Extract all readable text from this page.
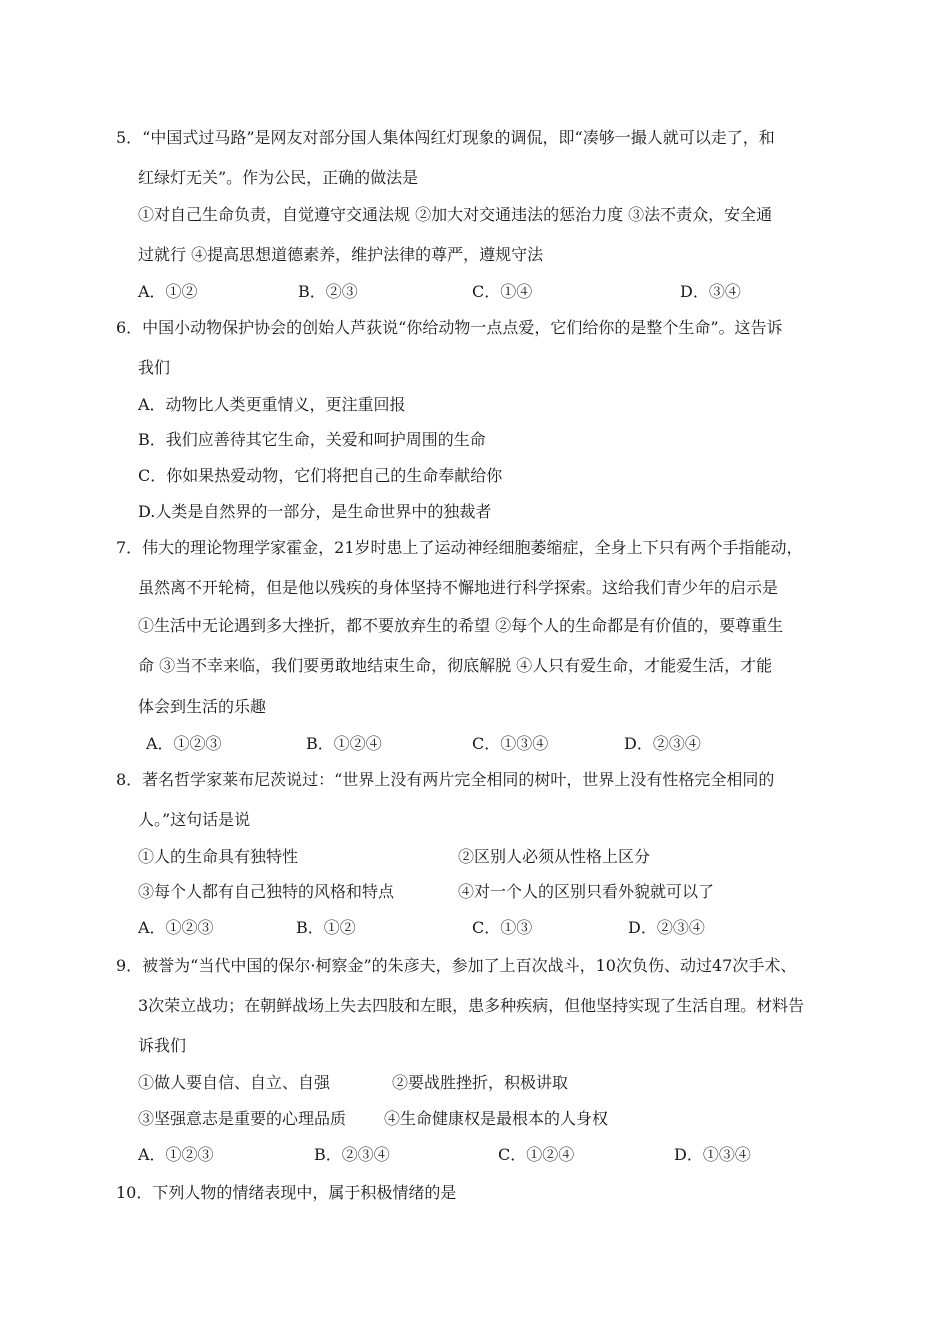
5．“中国式过马路”是网友对部分国人集体闯红灯现象的调侃，即“凑够一撮人就可以走了，和
红绿灯无关”。作为公民，正确的做法是
①对自己生命负责，自觉遵守交通法规 ②加大对交通违法的惩治力度 ③法不责众，安全通
过就行 ④提高思想道德素养，维护法律的尊严，遵规守法
A．①②	B．②③	C．①④	D．③④
6．中国小动物保护协会的创始人芦荻说“你给动物一点点爱，它们给你的是整个生命”。这告诉
我们
A．动物比人类更重情义，更注重回报
B．我们应善待其它生命，关爱和呵护周围的生命
C．你如果热爱动物，它们将把自己的生命奉献给你
D.人类是自然界的一部分，是生命世界中的独裁者
7．伟大的理论物理学家霍金，21岁时患上了运动神经细胞萎缩症，全身上下只有两个手指能动，
虽然离不开轮椅，但是他以残疾的身体坚持不懈地进行科学探索。这给我们青少年的启示是
①生活中无论遇到多大挫折，都不要放弃生的希望 ②每个人的生命都是有价值的，要尊重生
命 ③当不幸来临，我们要勇敢地结束生命，彻底解脱 ④人只有爱生命，才能爱生活，才能
体会到生活的乐趣
A．①②③	B．①②④	C．①③④	D．②③④
8．著名哲学家莱布尼茨说过：“世界上没有两片完全相同的树叶，世界上没有性格完全相同的
人。”这句话是说
①人的生命具有独特性	②区别人必须从性格上区分
③每个人都有自己独特的风格和特点	④对一个人的区别只看外貌就可以了
A．①②③	B．①②	C．①③	D．②③④
9．被誉为“当代中国的保尔·柯察金”的朱彦夫，参加了上百次战斗，10次负伤、动过47次手术、
3次荣立战功；在朝鲜战场上失去四肢和左眼，患多种疾病，但他坚持实现了生活自理。材料告
诉我们
①做人要自信、自立、自强	②要战胜挫折，积极讲取
③坚强意志是重要的心理品质 ④生命健康权是最根本的人身权
A．①②③	B．②③④	C．①②④	D．①③④
10．下列人物的情绪表现中，属于积极情绪的是
